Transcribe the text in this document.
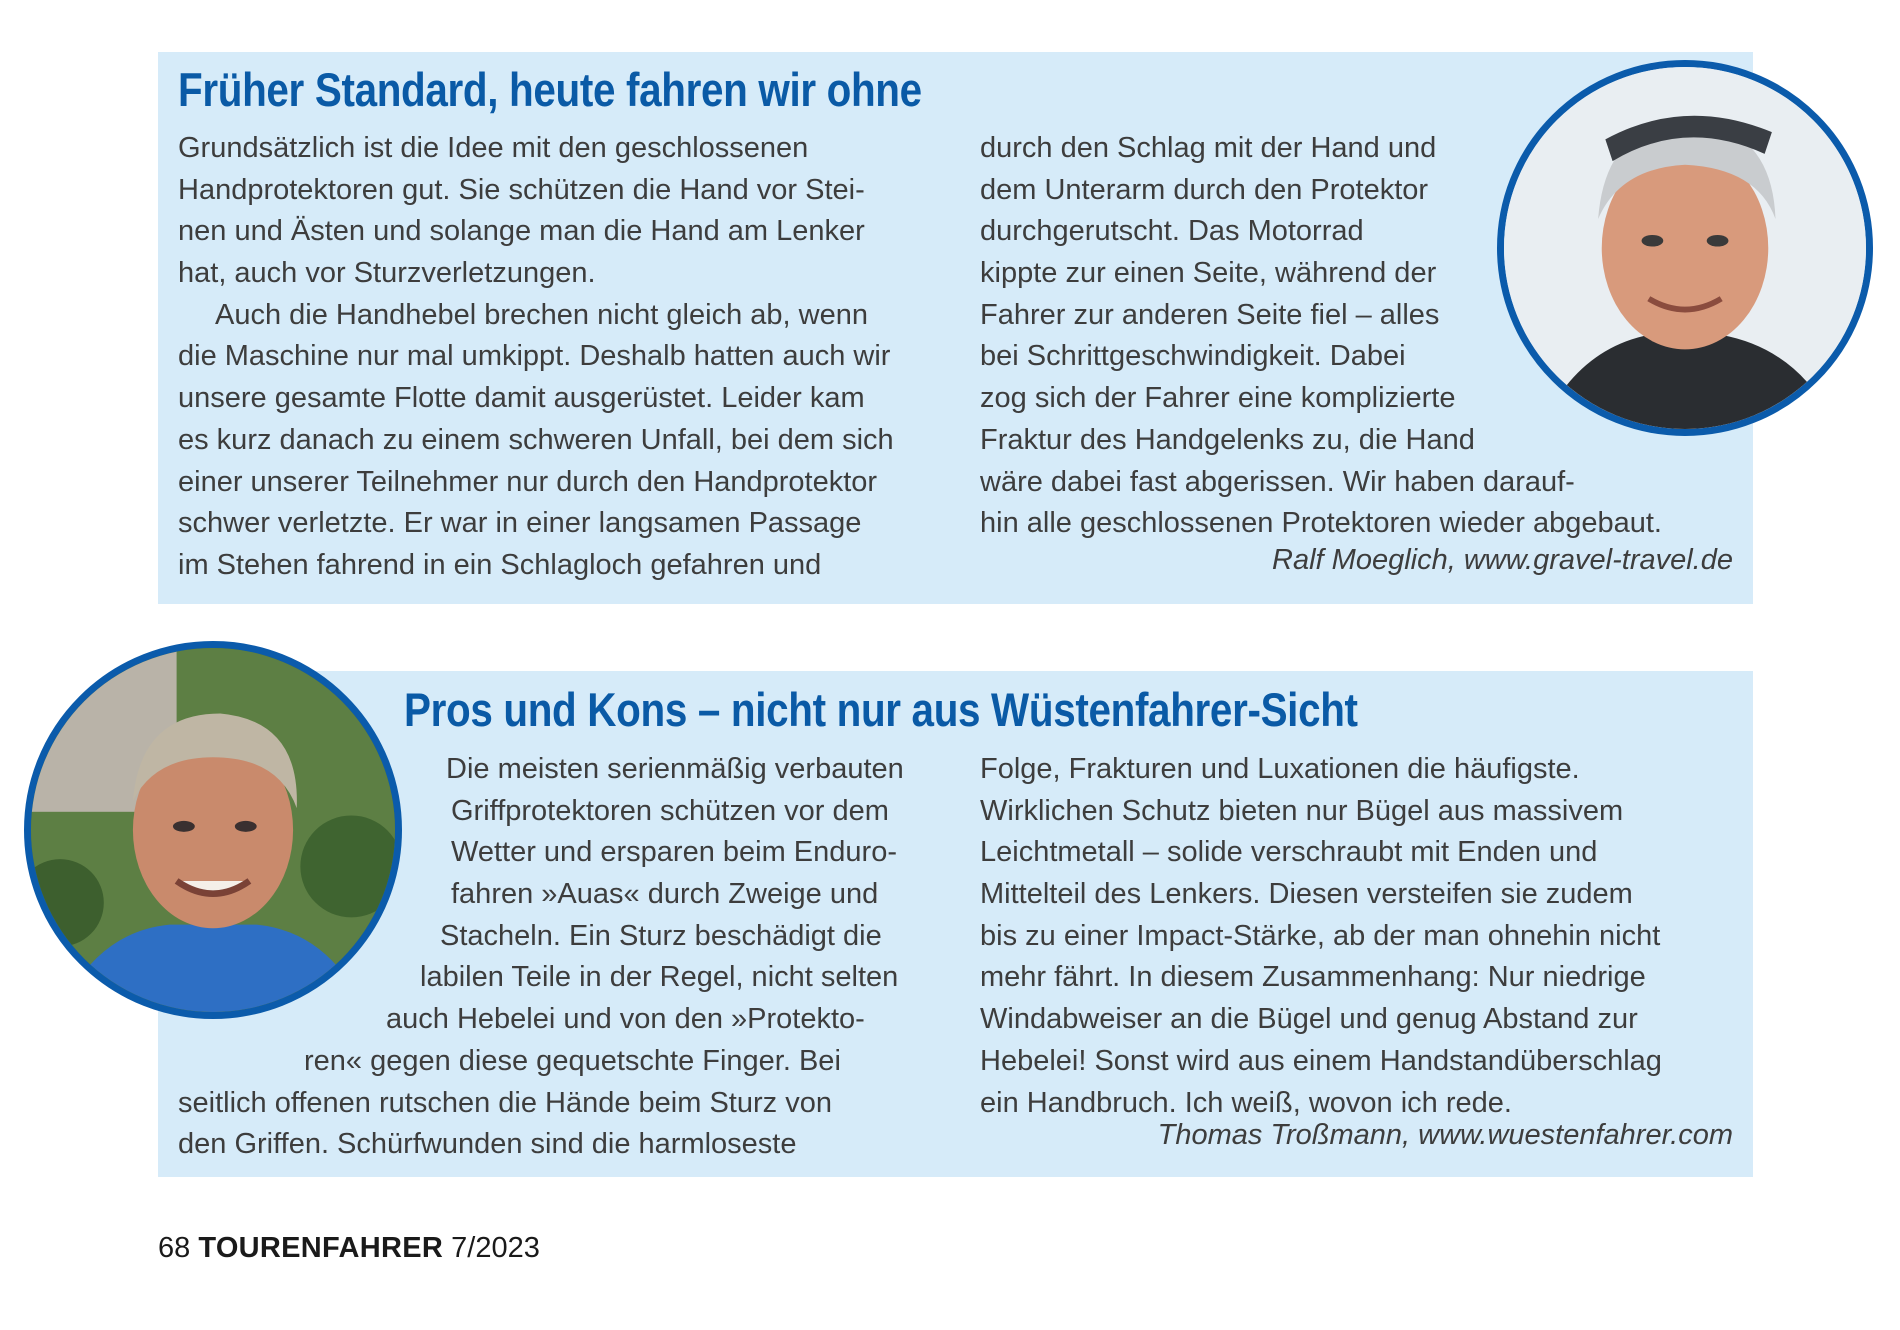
Früher Standard, heute fahren wir ohne
Grundsätzlich ist die Idee mit den geschlossenen
Handprotektoren gut. Sie schützen die Hand vor Stei-
nen und Ästen und solange man die Hand am Lenker
hat, auch vor Sturzverletzungen.
Auch die Handhebel brechen nicht gleich ab, wenn
die Maschine nur mal umkippt. Deshalb hatten auch wir
unsere gesamte Flotte damit ausgerüstet. Leider kam
es kurz danach zu einem schweren Unfall, bei dem sich
einer unserer Teilnehmer nur durch den Handprotektor
schwer verletzte. Er war in einer langsamen Passage
im Stehen fahrend in ein Schlagloch gefahren und
durch den Schlag mit der Hand und
dem Unterarm durch den Protektor
durchgerutscht. Das Motorrad
kippte zur einen Seite, während der
Fahrer zur anderen Seite fiel – alles
bei Schrittgeschwindigkeit. Dabei
zog sich der Fahrer eine komplizierte
Fraktur des Handgelenks zu, die Hand
wäre dabei fast abgerissen. Wir haben darauf-
hin alle geschlossenen Protektoren wieder abgebaut.
Ralf Moeglich, www.gravel-travel.de
Pros und Kons – nicht nur aus Wüstenfahrer-Sicht
Die meisten serienmäßig verbauten
Griffprotektoren schützen vor dem
Wetter und ersparen beim Enduro-
fahren »Auas« durch Zweige und
Stacheln. Ein Sturz beschädigt die
labilen Teile in der Regel, nicht selten
auch Hebelei und von den »Protekto-
ren« gegen diese gequetschte Finger. Bei
seitlich offenen rutschen die Hände beim Sturz von
den Griffen. Schürfwunden sind die harmloseste
Folge, Frakturen und Luxationen die häufigste.
Wirklichen Schutz bieten nur Bügel aus massivem
Leichtmetall – solide verschraubt mit Enden und
Mittelteil des Lenkers. Diesen versteifen sie zudem
bis zu einer Impact-Stärke, ab der man ohnehin nicht
mehr fährt. In diesem Zusammenhang: Nur niedrige
Windabweiser an die Bügel und genug Abstand zur
Hebelei! Sonst wird aus einem Handstandüberschlag
ein Handbruch. Ich weiß, wovon ich rede.
Thomas Troßmann, www.wuestenfahrer.com
68 TOURENFAHRER 7/2023
